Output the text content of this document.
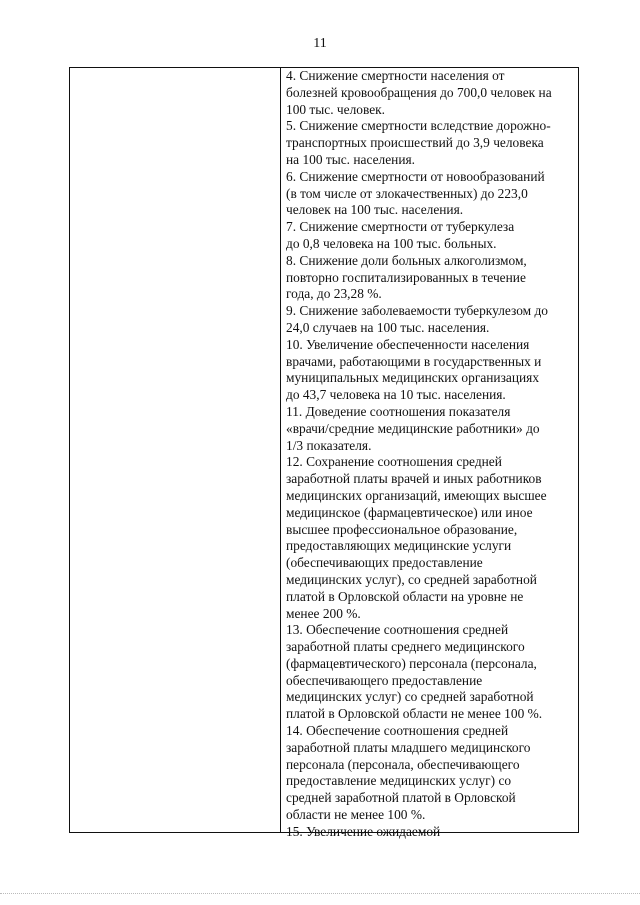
11

4. Снижение смертности населения от
болезней кровообращения до 700,0 человек на
100 тыс. человек.

5. Снижение смертности вследствие дорожно-
транспортных происшествий до 3,9 человека
на 100 тыс. населения.

6. Снижение смертности от новообразований
(в том числе от злокачественных) до 223,0
человек на 100 тыс. населения.

7. Снижение смертности от туберкулеза
до 0,8 человека на 100 тыс. больных.

8. Снижение доли больных алкоголизмом,
повторно госпитализированных в течение
года, до 23,28 %.

9. Снижение заболеваемости туберкулезом до
24,0 случаев на 100 тыс. населения.

10. Увеличение обеспеченности населения
врачами, работающими в государственных и
муниципальных медицинских организациях
до 43,7 человека на 10 тыс. населения.

11. Доведение соотношения показателя
«врачи/средние медицинские работники» до
1/3 показателя.

12. Сохранение соотношения средней
заработной платы врачей и иных работников
медицинских организаций, имеющих высшее
медицинское (фармацевтическое) или иное
высшее профессиональное образование,
предоставляющих медицинские услуги
(обеспечивающих предоставление
медицинских услуг), со средней заработной
платой в Орловской области на уровне не
менее 200 %.

13. Обеспечение соотношения средней
заработной платы среднего медицинского
(фармацевтического) персонала (персонала,
обеспечивающего предоставление
медицинских услуг) со средней заработной
платой в Орловской области не менее 100 %.

14. Обеспечение соотношения средней
заработной платы младшего медицинского
персонала (персонала, обеспечивающего
предоставление медицинских услуг) со
средней заработной платой в Орловской
области не менее 100 %.

15. Увеличение ожидаемой
